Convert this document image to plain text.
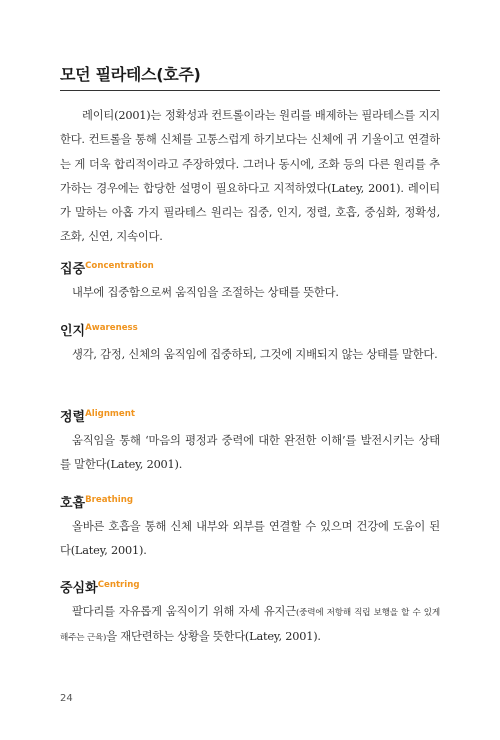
모던 필라테스(호주)

레이티(2001)는 정확성과 컨트롤이라는 원리를 배제하는 필라테스를 지지한다. 컨트롤을 통해 신체를 고통스럽게 하기보다는 신체에 귀 기울이고 연결하는 게 더욱 합리적이라고 주장하였다. 그러나 동시에, 조화 등의 다른 원리를 추가하는 경우에는 합당한 설명이 필요하다고 지적하였다(Latey, 2001). 레이티가 말하는 아홉 가지 필라테스 원리는 집중, 인지, 정렬, 호흡, 중심화, 정확성, 조화, 신연, 지속이다.

집중$^{Concentration}$

내부에 집중함으로써 움직임을 조절하는 상태를 뜻한다.

인지$^{Awareness}$

생각, 감정, 신체의 움직임에 집중하되, 그것에 지배되지 않는 상태를 말한다.

정렬$^{Alignment}$

움직임을 통해 ‘마음의 평정과 중력에 대한 완전한 이해’를 발전시키는 상태를 말한다(Latey, 2001).

호흡$^{Breathing}$

올바른 호흡을 통해 신체 내부와 외부를 연결할 수 있으며 건강에 도움이 된다(Latey, 2001).

중심화$^{Centring}$

팔다리를 자유롭게 움직이기 위해 자세 유지근(중력에 저항해 직립 보행을 할 수 있게 해주는 근육)을 재단련하는 상황을 뜻한다(Latey, 2001).

24
